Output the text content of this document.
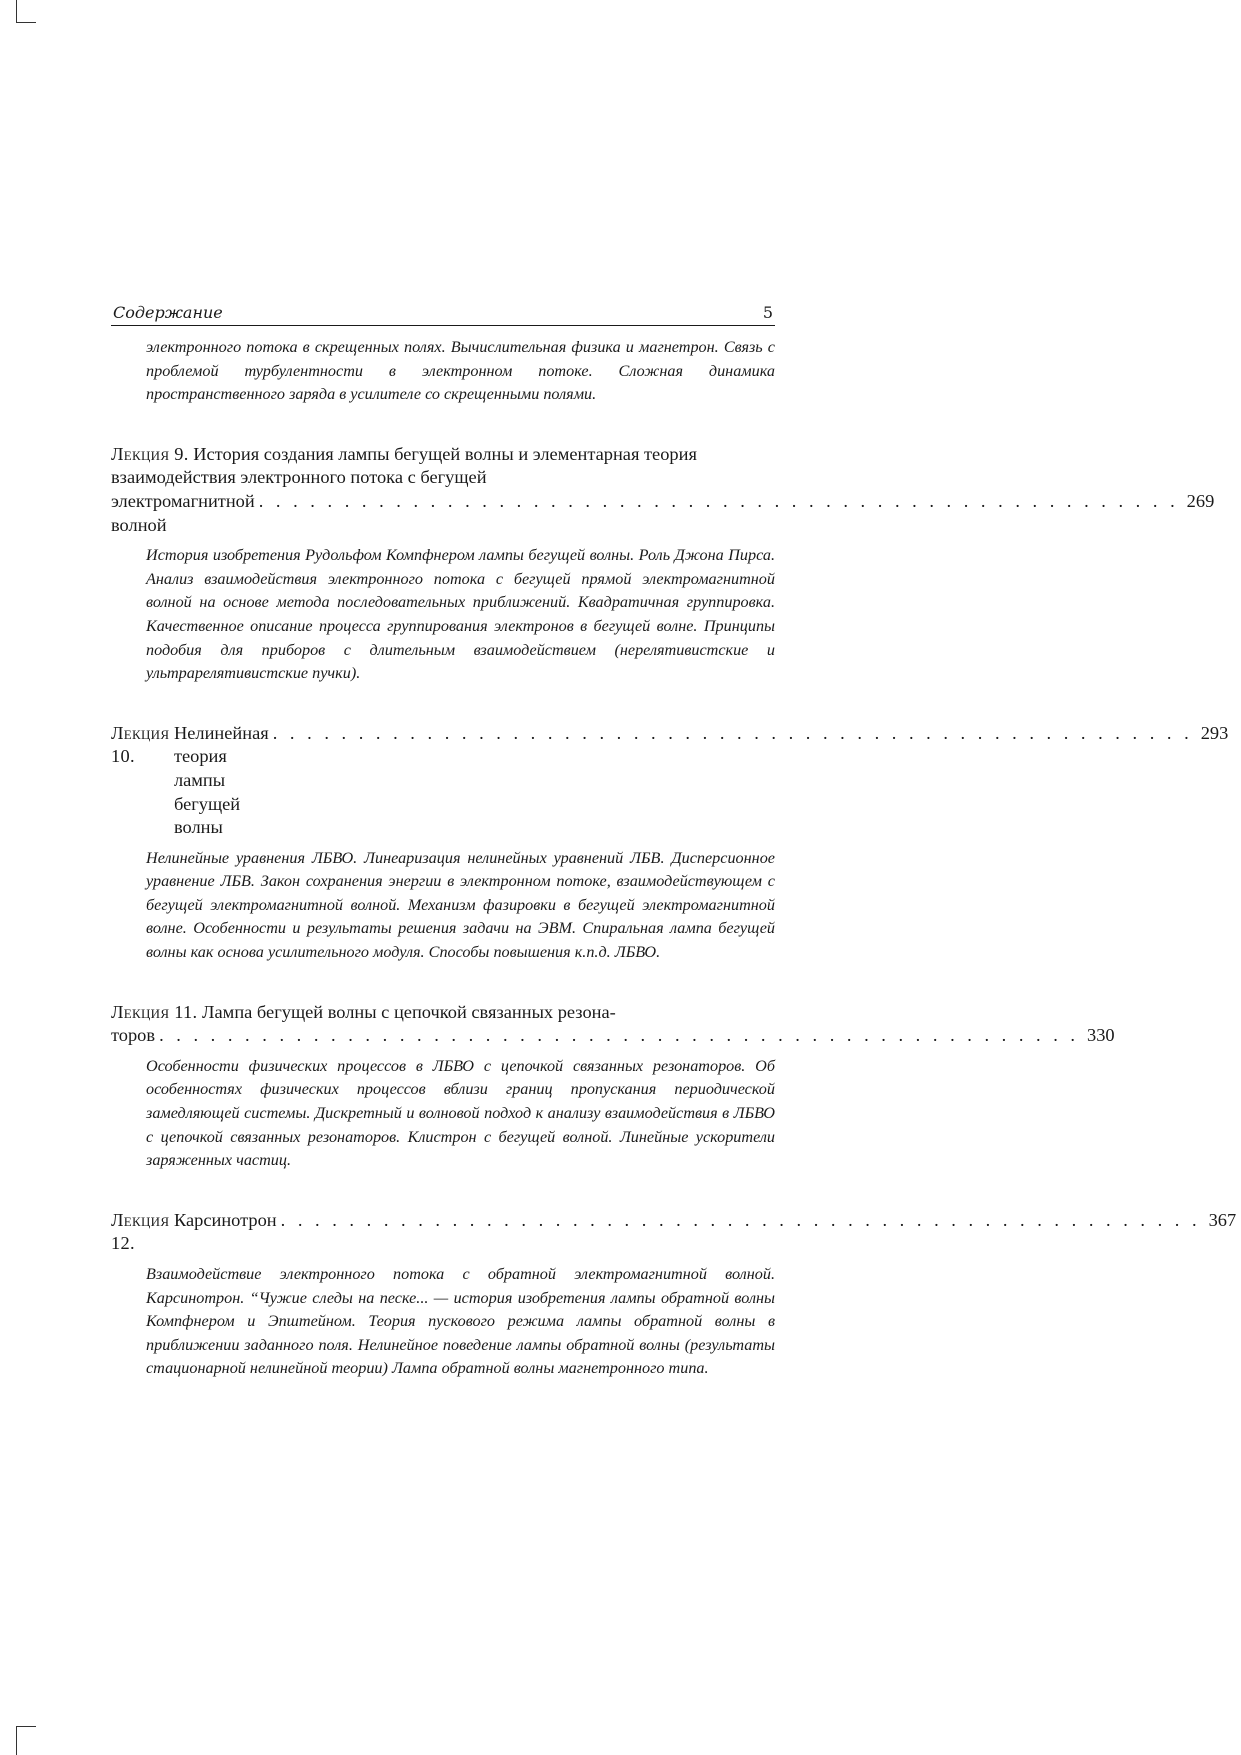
Содержание	5

электронного потока в скрещенных полях. Вычислительная физика и магнетрон. Связь с проблемой турбулентности в электронном потоке. Сложная динамика пространственного заряда в усилителе со скрещенными полями.

Лекция 9. История создания лампы бегущей волны и элементарная теория взаимодействия электронного потока с бегущей
электромагнитной волной
. . . . . . . . . . . . . . . . . . . . . . . . . . . . . . . . . . . . . . . . . . . . . . . . . . . . . . 269

История изобретения Рудольфом Компфнером лампы бегущей волны. Роль Джона Пирса. Анализ взаимодействия электронного потока с бегущей прямой электромагнитной волной на основе метода последовательных приближений. Квадратичная группировка. Качественное описание процесса группирования электронов в бегущей волне. Принципы подобия для приборов с длительным взаимодействием (нерелятивистские и ультрарелятивистские пучки).

Лекция 10.

Нелинейная теория лампы бегущей волны
. . . . . . . . . . . . . . . . . . . . . . . . . . . . . . . . . . . . . . . . . . . . . . . . . . . . . . 293

Нелинейные уравнения ЛБВО. Линеаризация нелинейных уравнений ЛБВ. Дисперсионное уравнение ЛБВ. Закон сохранения энергии в электронном потоке, взаимодействующем с бегущей электромагнитной волной. Механизм фазировки в бегущей электромагнитной волне. Особенности и результаты решения задачи на ЭВМ. Спиральная лампа бегущей волны как основа усилительного модуля. Способы повышения к.п.д. ЛБВО.

Лекция 11. Лампа бегущей волны с цепочкой связанных резона-
торов . . . . . . . . . . . . . . . . . . . . . . . . . . . . . . . . . . . . . . . . . . . . . . . . . . . . . . 330

Особенности физических процессов в ЛБВО с цепочкой связанных резонаторов. Об особенностях физических процессов вблизи границ пропускания периодической замедляющей системы. Дискретный и волновой подход к анализу взаимодействия в ЛБВО с цепочкой связанных резонаторов. Клистрон с бегущей волной. Линейные ускорители заряженных частиц.

Лекция 12.

Карсинотрон . . . . . . . . . . . . . . . . . . . . . . . . . . . . . . . . . . . . . . . . . . . . . . . . . . . . . . 367

Взаимодействие электронного потока с обратной электромагнитной волной. Карсинотрон. “Чужие следы на песке... — история изобретения лампы обратной волны Компфнером и Эпштейном. Теория пускового режима лампы обратной волны в приближении заданного поля. Нелинейное поведение лампы обратной волны (результаты стационарной нелинейной теории) Лампа обратной волны магнетронного типа.
